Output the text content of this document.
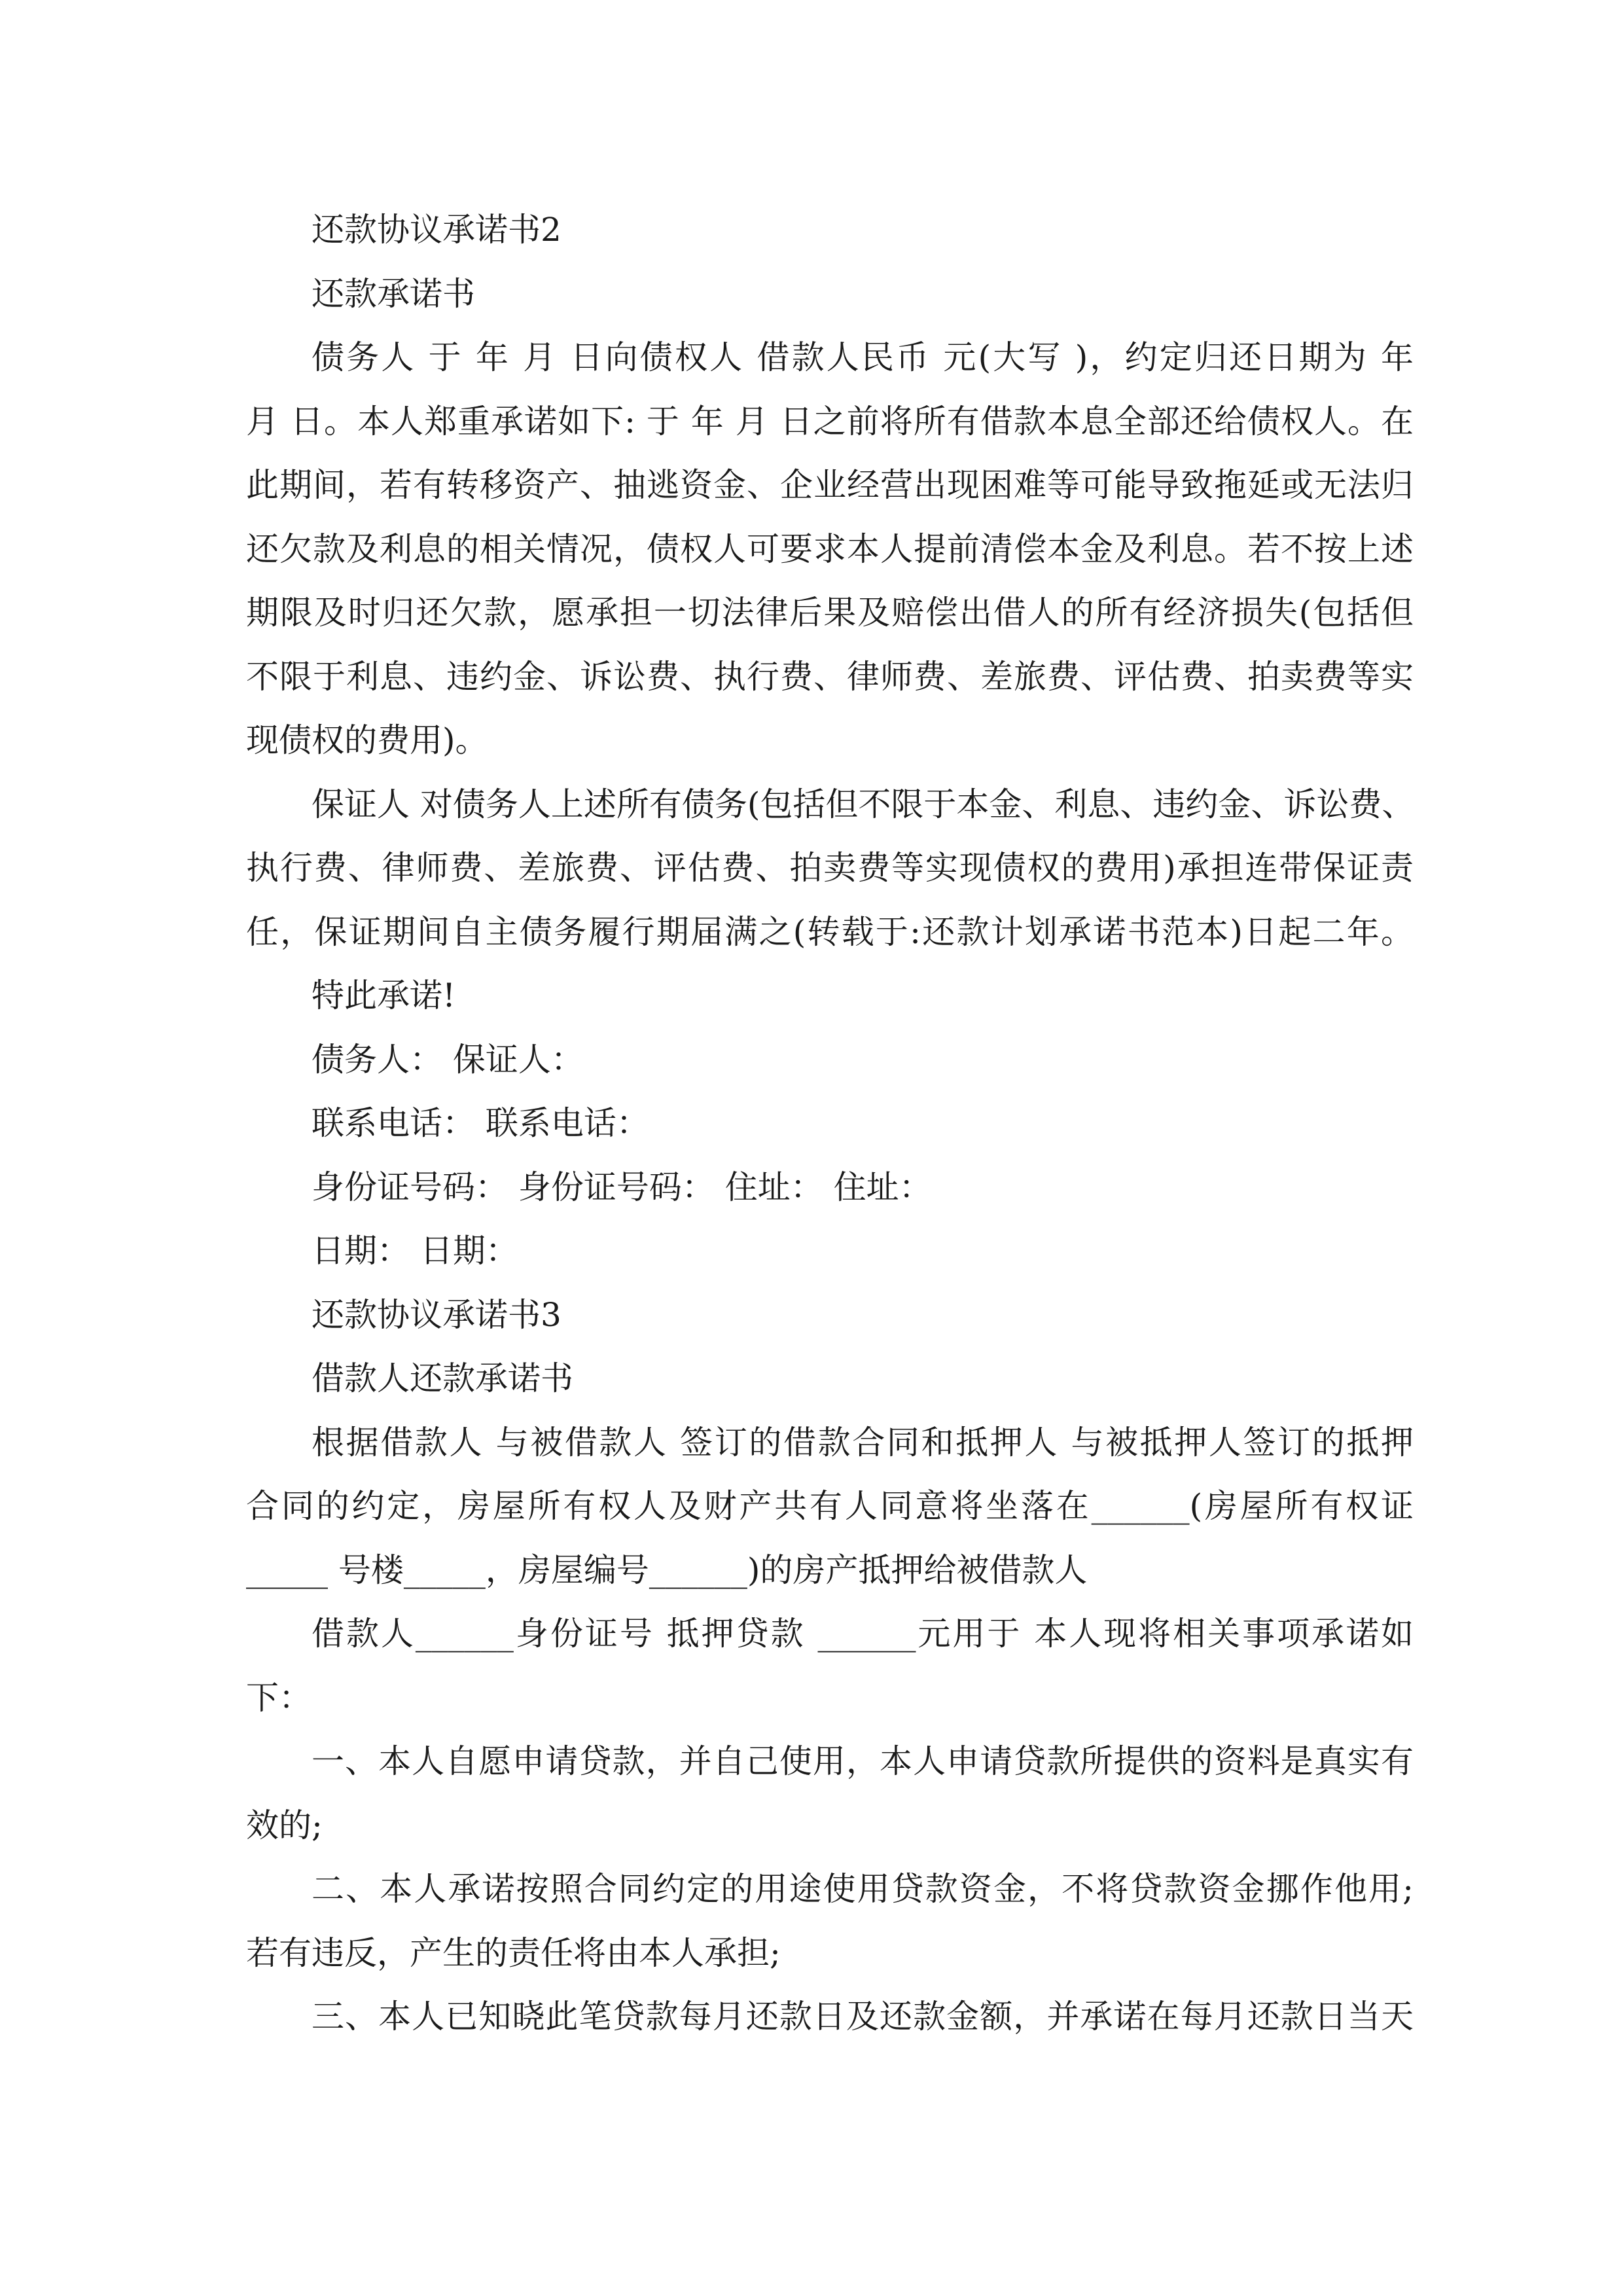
还款协议承诺书2
还款承诺书
债务人 于 年 月 日向债权人 借款人民币 元(大写 )，约定归还日期为 年
月 日。本人郑重承诺如下: 于 年 月 日之前将所有借款本息全部还给债权人。在
此期间，若有转移资产、抽逃资金、企业经营出现困难等可能导致拖延或无法归
还欠款及利息的相关情况，债权人可要求本人提前清偿本金及利息。若不按上述
期限及时归还欠款，愿承担一切法律后果及赔偿出借人的所有经济损失(包括但
不限于利息、违约金、诉讼费、执行费、律师费、差旅费、评估费、拍卖费等实
现债权的费用)。
保证人 对债务人上述所有债务(包括但不限于本金、利息、违约金、诉讼费、
执行费、律师费、差旅费、评估费、拍卖费等实现债权的费用)承担连带保证责
任，保证期间自主债务履行期届满之(转载于:还款计划承诺书范本)日起二年。
特此承诺!
债务人： 保证人：
联系电话： 联系电话：
身份证号码： 身份证号码： 住址： 住址：
日期： 日期：
还款协议承诺书3
借款人还款承诺书
根据借款人 与被借款人 签订的借款合同和抵押人 与被抵押人签订的抵押
合同的约定，房屋所有权人及财产共有人同意将坐落在______(房屋所有权证
_____ 号楼_____，房屋编号______)的房产抵押给被借款人
借款人______身份证号 抵押贷款 ______元用于 本人现将相关事项承诺如
下：
一、本人自愿申请贷款，并自己使用，本人申请贷款所提供的资料是真实有
效的;
二、本人承诺按照合同约定的用途使用贷款资金，不将贷款资金挪作他用;
若有违反，产生的责任将由本人承担;
三、本人已知晓此笔贷款每月还款日及还款金额，并承诺在每月还款日当天
